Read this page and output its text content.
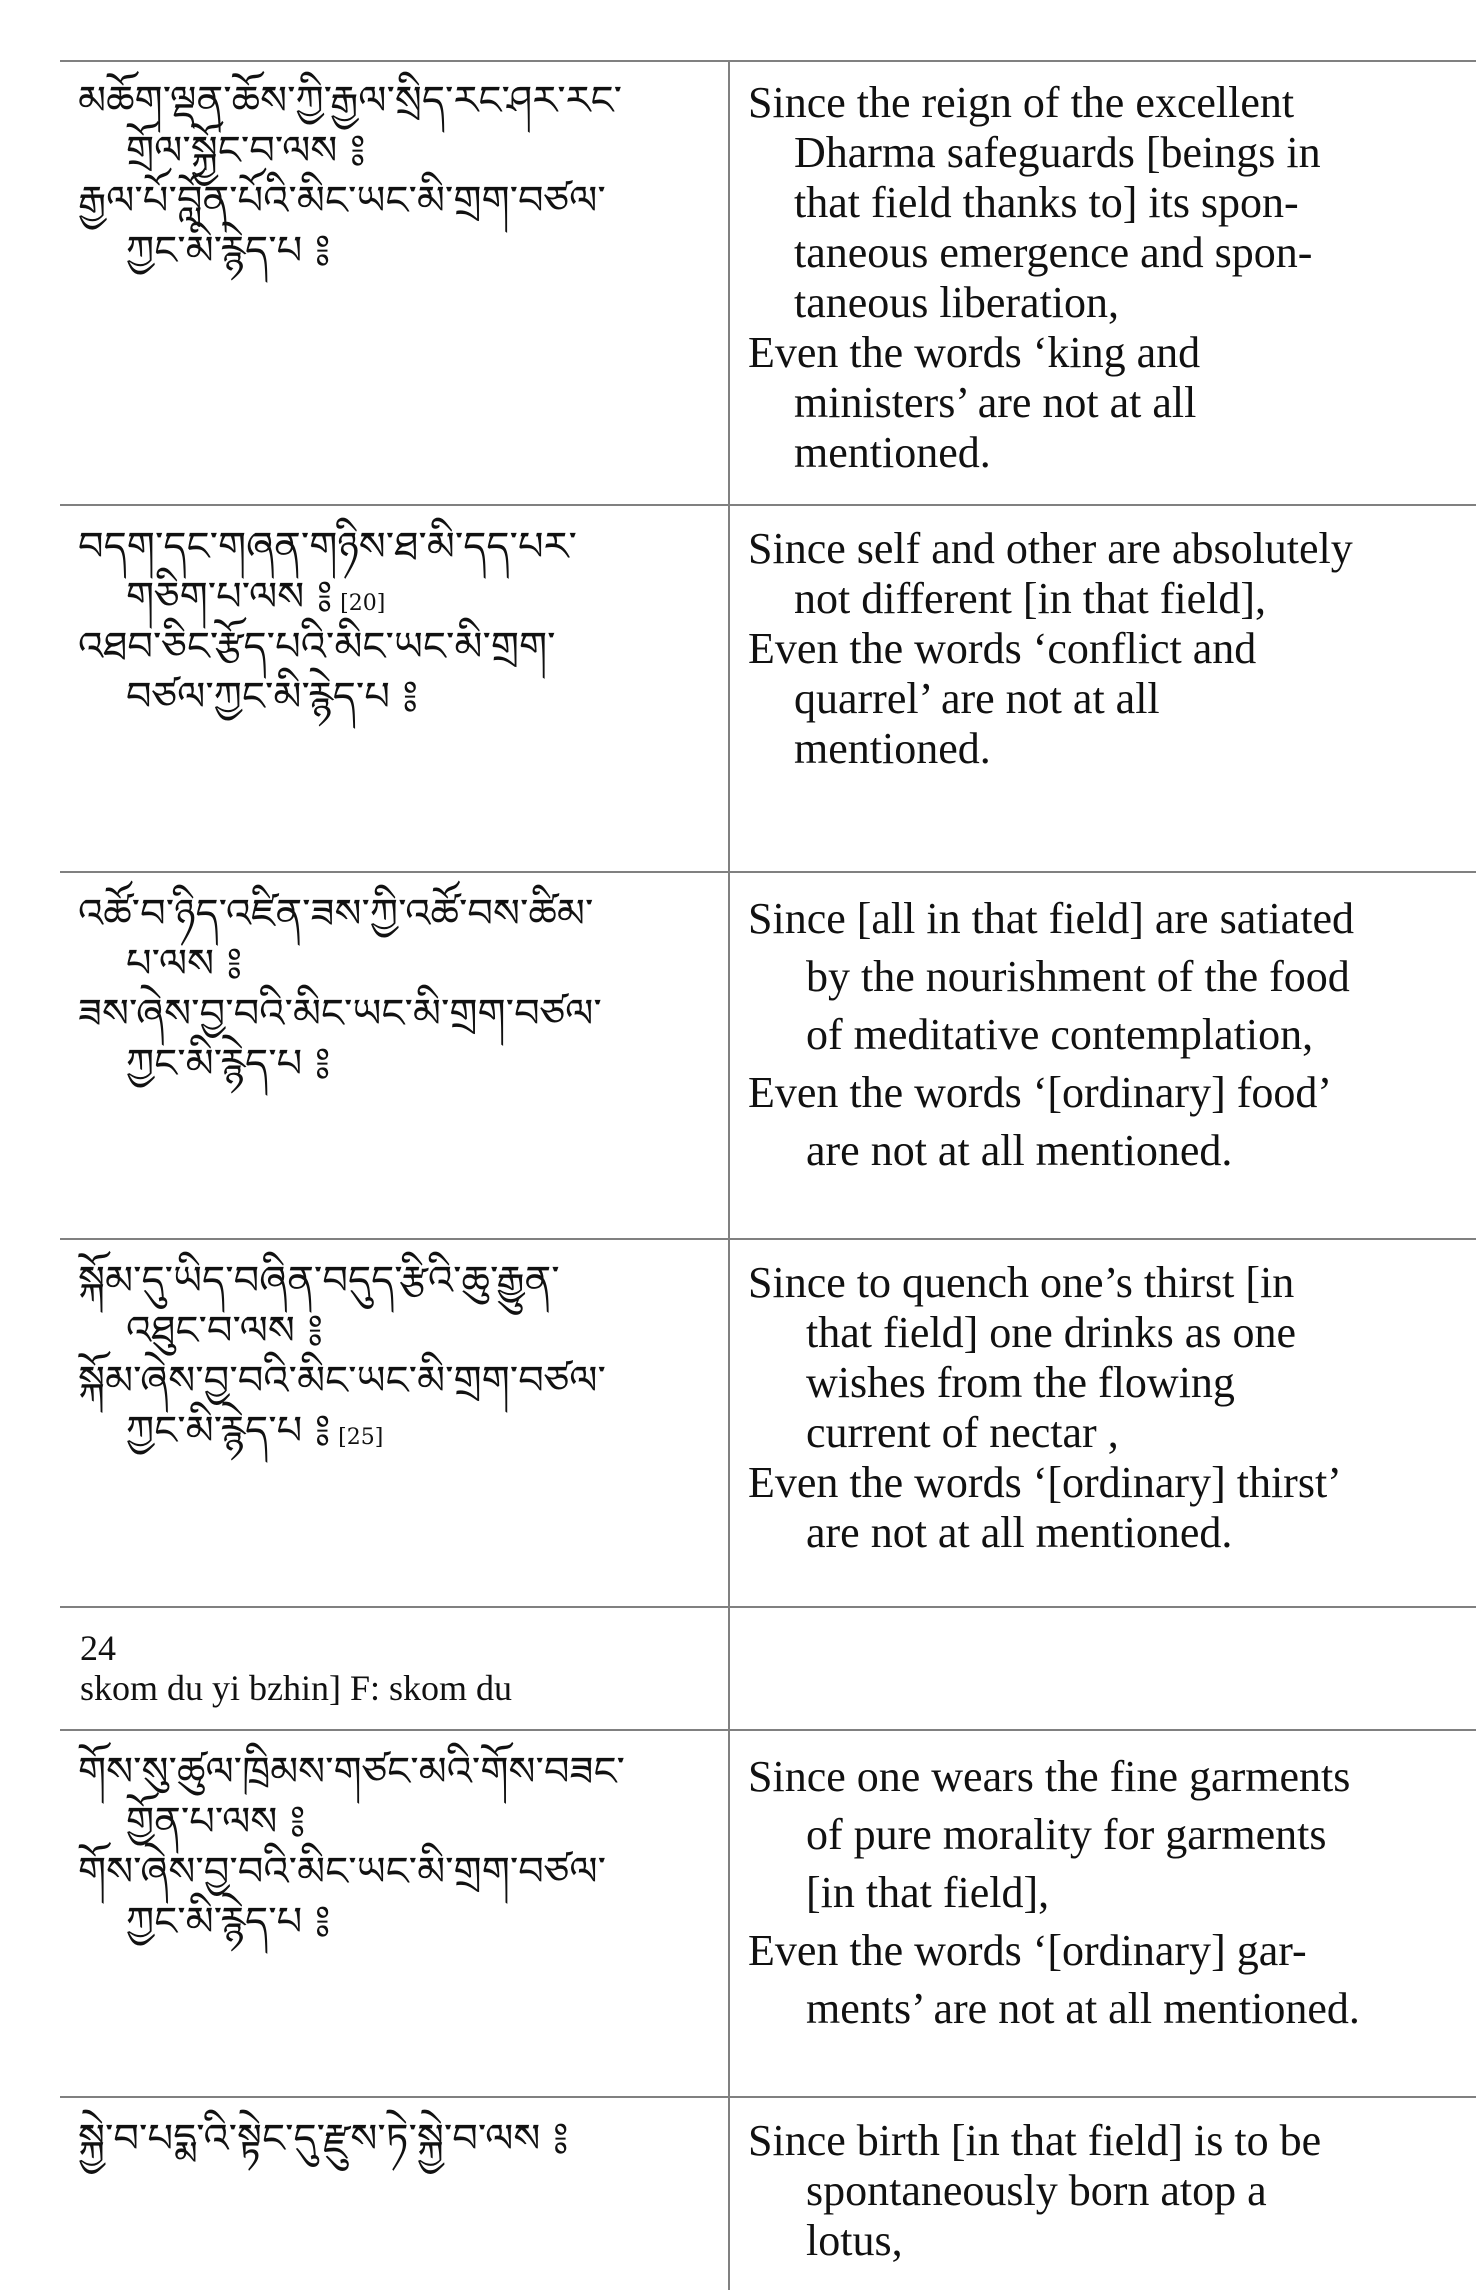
མཆོག་ལྡན་ཆོས་ཀྱི་རྒྱལ་སྲིད་རང་ཤར་རང་
གྲོལ་སྐྱོང་བ་ལས ༔
རྒྱལ་པོ་བློན་པོའི་མིང་ཡང་མི་གྲག་བཙལ་
ཀྱང་མི་རྙེད་པ ༔
Since the reign of the excellent
Dharma safeguards [beings in
that field thanks to] its spon-
taneous emergence and spon-
taneous liberation,
Even the words ‘king and
ministers’ are not at all
mentioned.
བདག་དང་གཞན་གཉིས་ཐ་མི་དད་པར་
གཅིག་པ་ལས ༔ [20]
འཐབ་ཅིང་རྩོད་པའི་མིང་ཡང་མི་གྲག་
བཙལ་ཀྱང་མི་རྙེད་པ ༔
Since self and other are absolutely
not different [in that field],
Even the words ‘conflict and
quarrel’ are not at all
mentioned.
འཚོ་བ་ཉིད་འཛིན་ཟས་ཀྱི་འཚོ་བས་ཚིམ་
པ་ལས ༔
ཟས་ཞེས་བྱ་བའི་མིང་ཡང་མི་གྲག་བཙལ་
ཀྱང་མི་རྙེད་པ ༔
Since [all in that field] are satiated
by the nourishment of the food
of meditative contemplation,
Even the words ‘[ordinary] food’
are not at all mentioned.
སྐོམ་དུ་ཡིད་བཞིན་བདུད་རྩིའི་ཆུ་རྒྱུན་
འཐུང་བ་ལས ༔
སྐོམ་ཞེས་བྱ་བའི་མིང་ཡང་མི་གྲག་བཙལ་
ཀྱང་མི་རྙེད་པ ༔ [25]
Since to quench one’s thirst [in
that field] one drinks as one
wishes from the flowing
current of nectar ,
Even the words ‘[ordinary] thirst’
are not at all mentioned.
24
skom du yi bzhin] F: skom du
གོས་སུ་ཚུལ་ཁྲིམས་གཙང་མའི་གོས་བཟང་
གྱོན་པ་ལས ༔
གོས་ཞེས་བྱ་བའི་མིང་ཡང་མི་གྲག་བཙལ་
ཀྱང་མི་རྙེད་པ ༔
Since one wears the fine garments
of pure morality for garments
[in that field],
Even the words ‘[ordinary] gar-
ments’ are not at all mentioned.
སྐྱེ་བ་པདྨ་འི་སྟེང་དུ་རྫུས་ཏེ་སྐྱེ་བ་ལས ༔	Since birth [in that field] is to be
spontaneously born atop a
lotus,
